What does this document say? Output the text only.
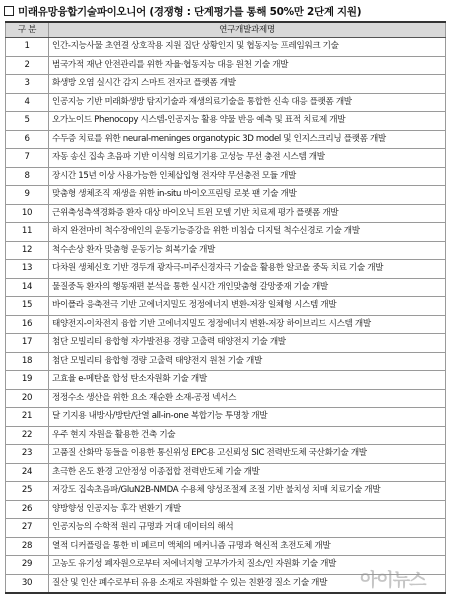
미래유망융합기술파이오니어 (경쟁형 : 단계평가를 통해 50%만 2단계 지원)
구 분	연구개발과제명
1	인간-지능사물 초연결 상호작용 지원 집단 상황인지 및 협동지능 프레임워크 기술
2	범국가적 재난 안전관리를 위한 자율·협동지능 대응 원천 기술 개발
3	화생방 오염 실시간 감지 스마트 전자코 플랫폼 개발
4	인공지능 기반 미래화생방 탐지기술과 재생의료기술을 통합한 신속 대응 플랫폼 개발
5	오가노이드 Phenocopy 시스템-인공지능 활용 약물 반응 예측 및 표적 치료제 개발
6	수두증 치료를 위한 neural-meninges organotypic 3D model 및 인지스크리닝 플랫폼 개발
7	자동 송신 집속 초음파 기반 이식형 의료기기용 고성능 무선 충전 시스템 개발
8	장시간 15년 이상 사용가능한 인체삽입형 전자약 무선충전 모듈 개발
9	맞춤형 생체조직 재생을 위한 in-situ 바이오프린팅 로봇 팬 기술 개발
10	근위축성측색경화증 환자 대상 바이오닉 트윈 모델 기반 치료제 평가 플랫폼 개발
11	하지 완전마비 척수장애인의 운동기능증강을 위한 비침습 디지털 척수신경로 기술 개발
12	척수손상 환자 맞춤형 운동기능 회복기술 개발
13	다차원 생체신호 기반 경두개 광자극-미주신경자극 기술을 활용한 알코올 중독 치료 기술 개발
14	물질중독 환자의 행동재편 분석을 통한 실시간 개인맞춤형 갈망중재 기술 개발
15	바이폴라 응축전극 기반 고에너지밀도 정정에너지 변환-저장 일체형 시스템 개발
16	태양전지-이차전지 융합 기반 고에너지밀도 정정에너지 변환-저장 하이브리드 시스템 개발
17	첨단 모빌리티 융합형 자가발전용 경량 고출력 태양전지 기술 개발
18	첨단 모빌리티 융합형 경량 고출력 태양전지 원천 기술 개발
19	고효율 e-메탄올 합성 탄소자원화 기술 개발
20	정정수소 생산을 위한 요소 재순환 소재-공정 넥서스
21	달 기지용 내방사/방탄/단열 all-in-one 복합기능 투명창 개발
22	우주 현지 자원을 활용한 건축 기술
23	고품질 산화막 동들을 이용한 통신위성 EPC용 고신뢰성 SIC 전력반도체 국산화기술 개발
24	초극한 온도 환경 고안정성 이종접합 전력반도체 기술 개발
25	저강도 집속초음파/GluN2B-NMDA 수용체 양성조절제 조절 기반 불치성 치매 치료기술 개발
26	양방향성 인공지능 후각 변환기 개발
27	인공지능의 수학적 원리 규명과 거대 데이터의 해석
28	열적 디커플링을 통한 비 페르미 액체의 메커니즘 규명과 혁신적 초전도체 개발
29	고농도 유기성 폐자원으로부터 저에너지형 고부가가치 질소/인 자원화 기술 개발
30	질산 및 인산 폐수로부터 유용 소재로 자원화할 수 있는 친환경 질소 기술 개발 아이뉴스
